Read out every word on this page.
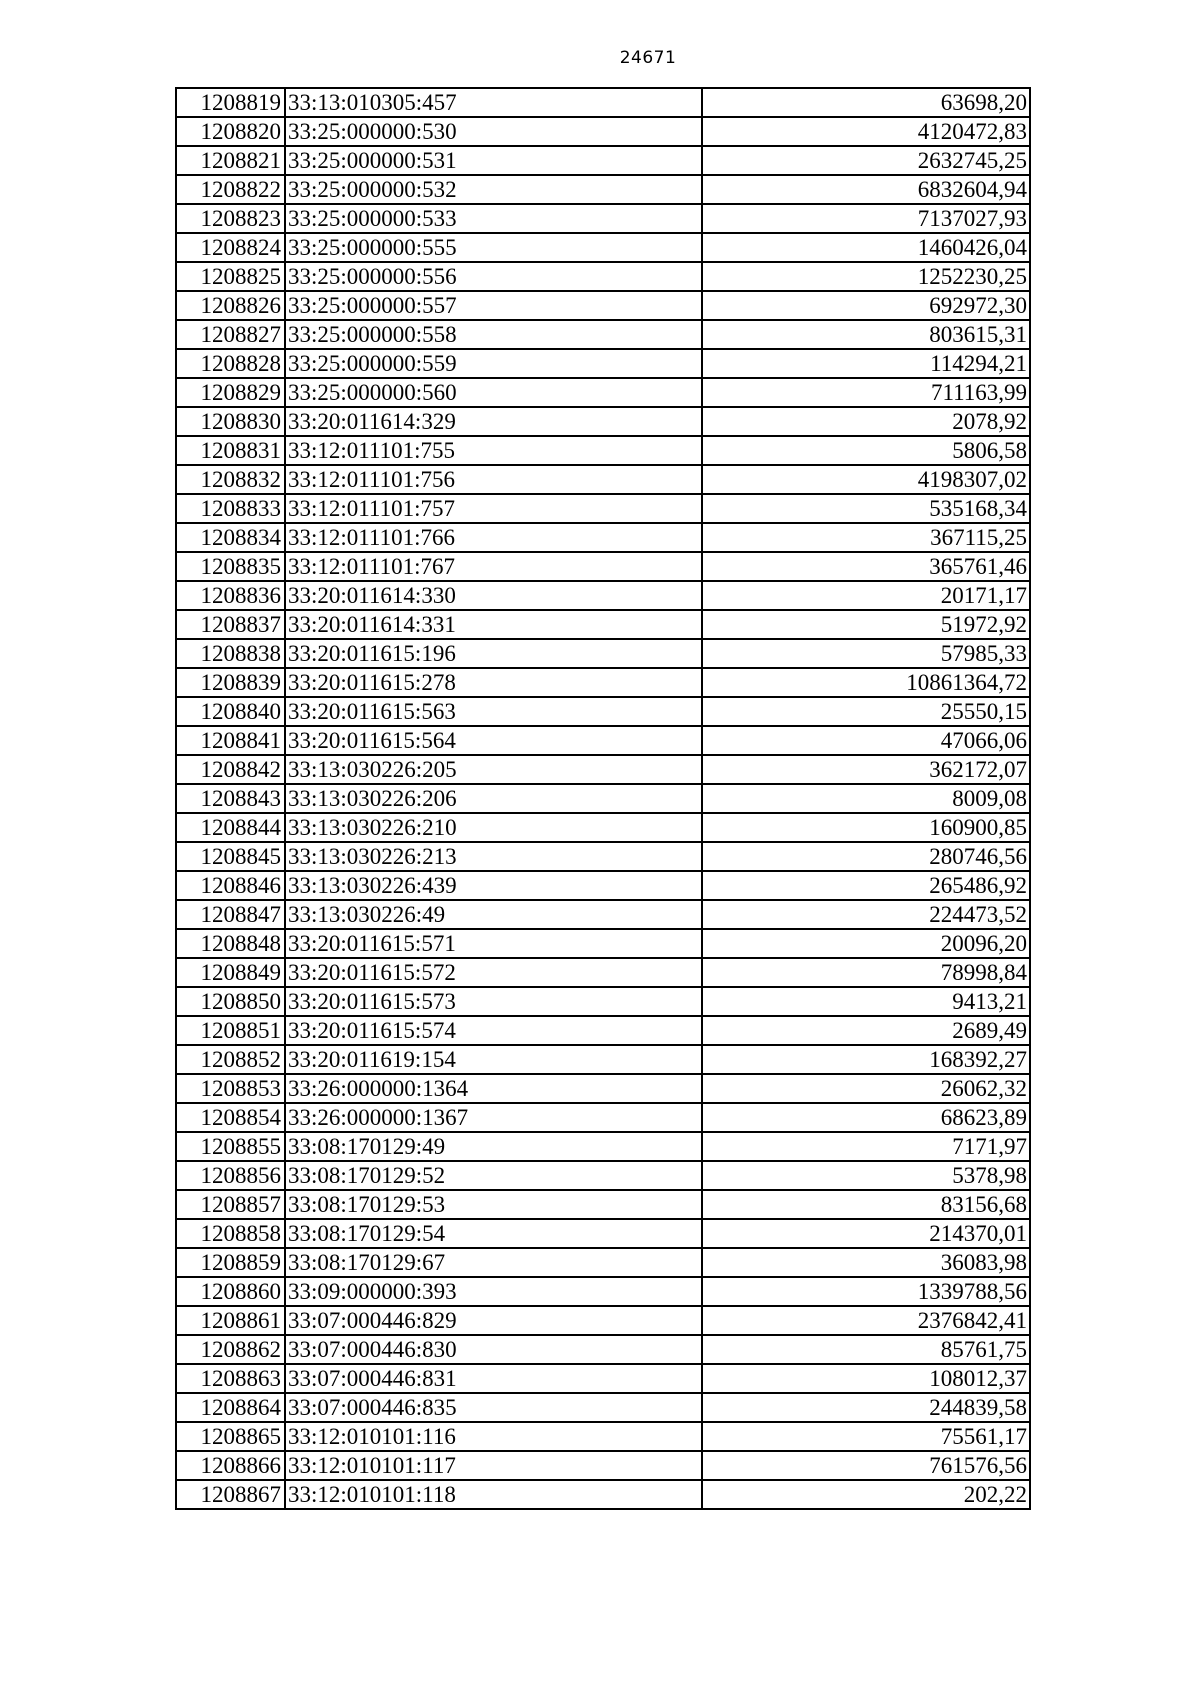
24671
1208819	33:13:010305:457	63698,20
1208820	33:25:000000:530	4120472,83
1208821	33:25:000000:531	2632745,25
1208822	33:25:000000:532	6832604,94
1208823	33:25:000000:533	7137027,93
1208824	33:25:000000:555	1460426,04
1208825	33:25:000000:556	1252230,25
1208826	33:25:000000:557	692972,30
1208827	33:25:000000:558	803615,31
1208828	33:25:000000:559	114294,21
1208829	33:25:000000:560	711163,99
1208830	33:20:011614:329	2078,92
1208831	33:12:011101:755	5806,58
1208832	33:12:011101:756	4198307,02
1208833	33:12:011101:757	535168,34
1208834	33:12:011101:766	367115,25
1208835	33:12:011101:767	365761,46
1208836	33:20:011614:330	20171,17
1208837	33:20:011614:331	51972,92
1208838	33:20:011615:196	57985,33
1208839	33:20:011615:278	10861364,72
1208840	33:20:011615:563	25550,15
1208841	33:20:011615:564	47066,06
1208842	33:13:030226:205	362172,07
1208843	33:13:030226:206	8009,08
1208844	33:13:030226:210	160900,85
1208845	33:13:030226:213	280746,56
1208846	33:13:030226:439	265486,92
1208847	33:13:030226:49	224473,52
1208848	33:20:011615:571	20096,20
1208849	33:20:011615:572	78998,84
1208850	33:20:011615:573	9413,21
1208851	33:20:011615:574	2689,49
1208852	33:20:011619:154	168392,27
1208853	33:26:000000:1364	26062,32
1208854	33:26:000000:1367	68623,89
1208855	33:08:170129:49	7171,97
1208856	33:08:170129:52	5378,98
1208857	33:08:170129:53	83156,68
1208858	33:08:170129:54	214370,01
1208859	33:08:170129:67	36083,98
1208860	33:09:000000:393	1339788,56
1208861	33:07:000446:829	2376842,41
1208862	33:07:000446:830	85761,75
1208863	33:07:000446:831	108012,37
1208864	33:07:000446:835	244839,58
1208865	33:12:010101:116	75561,17
1208866	33:12:010101:117	761576,56
1208867	33:12:010101:118	202,22
